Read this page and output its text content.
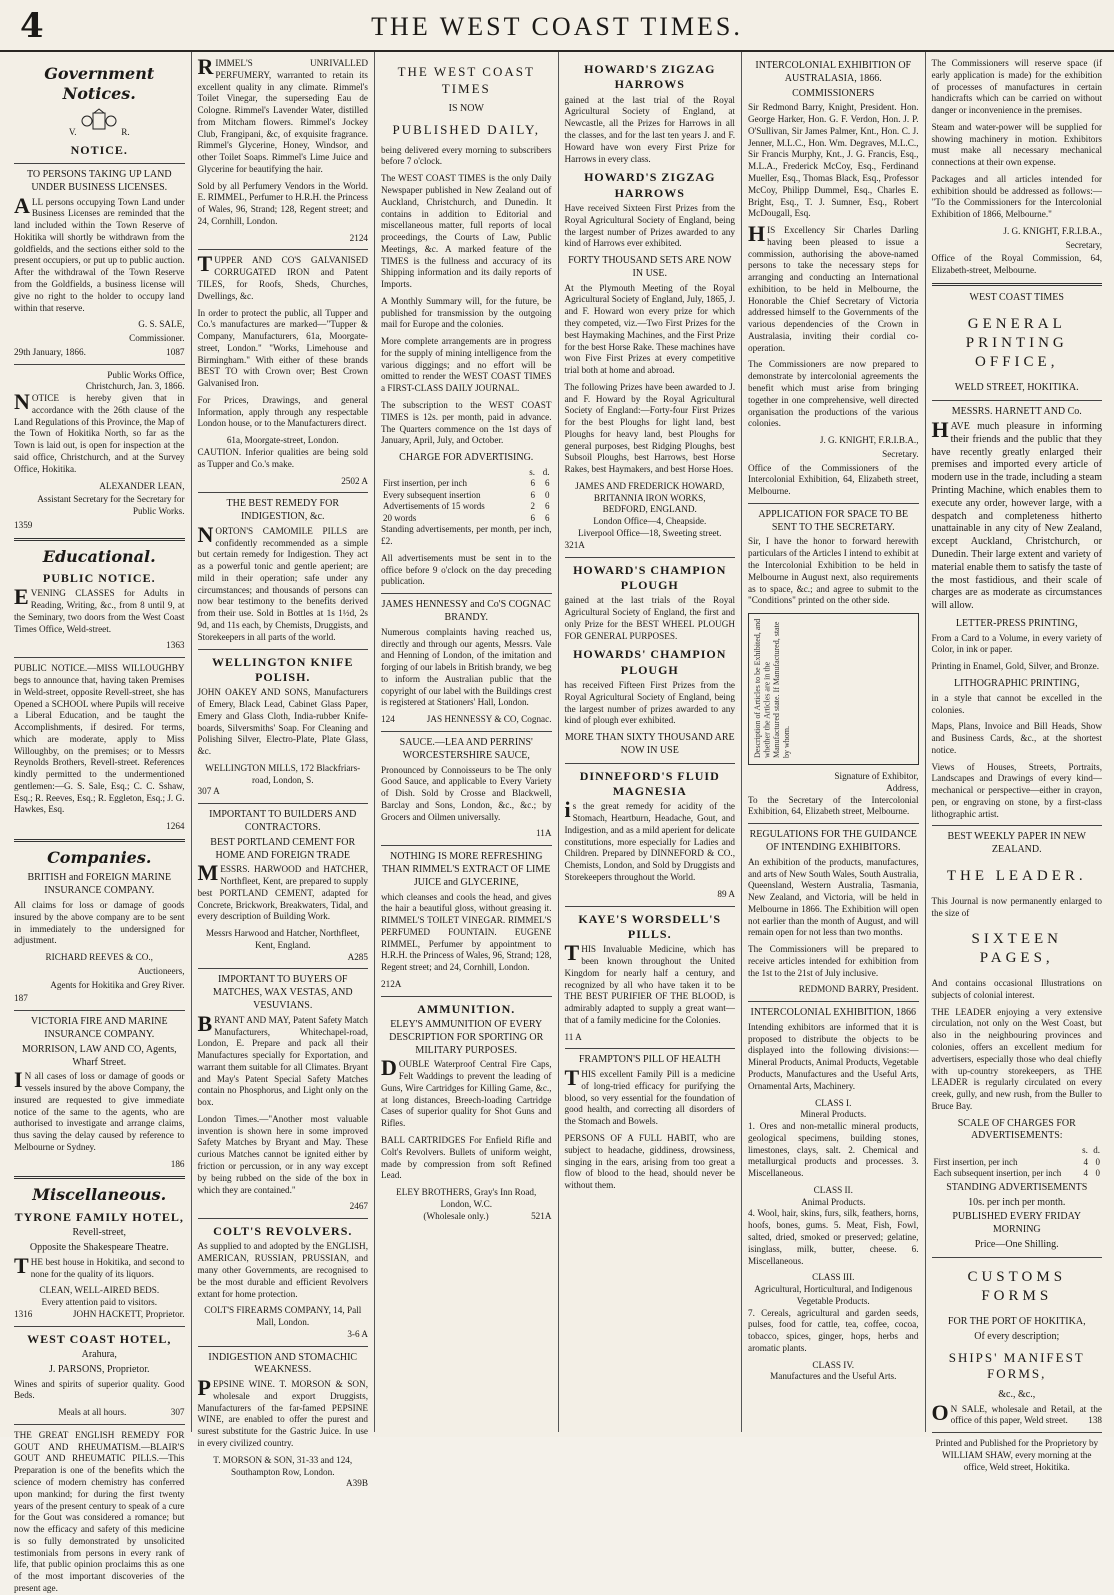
4	THE WEST COAST TIMES.
Government Notices.
V.	R.
NOTICE.
TO PERSONS TAKING UP LAND UNDER BUSINESS LICENSES.

ALL persons occupying Town Land under Business Licenses are reminded that the land included within the Town Reserve of Hokitika will shortly be withdrawn from the goldfields, and the sections either sold to the present occupiers, or put up to public auction. After the withdrawal of the Town Reserve from the Goldfields, a business license will give no right to the holder to occupy land within that reserve.

G. S. SALE,
Commissioner.
29th January, 1866.	1087
Public Works Office,
Christchurch, Jan. 3, 1866.

NOTICE is hereby given that in accordance with the 26th clause of the Land Regulations of this Province, the Map of the Town of Hokitika North, so far as the Town is laid out, is open for inspection at the said office, Christchurch, and at the Survey Office, Hokitika.

ALEXANDER LEAN,
Assistant Secretary for the Secretary for Public Works.
1359
Educational.
PUBLIC NOTICE.

EVENING CLASSES for Adults in Reading, Writing, &c., from 8 until 9, at the Seminary, two doors from the West Coast Times Office, Weld-street.

1363

PUBLIC NOTICE.—MISS WILLOUGHBY begs to announce that, having taken Premises in Weld-street, opposite Revell-street, she has Opened a SCHOOL where Pupils will receive a Liberal Education, and be taught the Accomplishments, if desired. For terms, which are moderate, apply to Miss Willoughby, on the premises; or to Messrs Reynolds Brothers, Revell-street. References kindly permitted to the undermentioned gentlemen:—G. S. Sale, Esq.; C. C. Sshaw, Esq.; R. Reeves, Esq.; R. Eggleton, Esq.; J. G. Hawkes, Esq.

1264
Companies.
BRITISH and FOREIGN MARINE INSURANCE COMPANY.

All claims for loss or damage of goods insured by the above company are to be sent in immediately to the undersigned for adjustment.

RICHARD REEVES & CO.,
Auctioneers,
Agents for Hokitika and Grey River.
187
VICTORIA FIRE AND MARINE INSURANCE COMPANY.
MORRISON, LAW AND CO, Agents, Wharf Street.

IN all cases of loss or damage of goods or vessels insured by the above Company, the insured are requested to give immediate notice of the same to the agents, who are authorised to investigate and arrange claims, thus saving the delay caused by reference to Melbourne or Sydney.

186
Miscellaneous.
TYRONE FAMILY HOTEL,
Revell-street,
Opposite the Shakespeare Theatre.

THE best house in Hokitika, and second to none for the quality of its liquors.

CLEAN, WELL-AIRED BEDS.
Every attention paid to visitors.
1316	JOHN HACKETT, Proprietor.
WEST COAST HOTEL,
Arahura,
J. PARSONS, Proprietor.

Wines and spirits of superior quality. Good Beds.

Meals at all hours.	307

THE GREAT ENGLISH REMEDY FOR GOUT AND RHEUMATISM.—BLAIR'S GOUT AND RHEUMATIC PILLS.—This Preparation is one of the benefits which the science of modern chemistry has conferred upon mankind; for during the first twenty years of the present century to speak of a cure for the Gout was considered a romance; but now the efficacy and safety of this medicine is so fully demonstrated by unsolicited testimonials from persons in every rank of life, that public opinion proclaims this as one of the most important discoveries of the present age.

RIMMEL'S UNRIVALLED PERFUMERY, warranted to retain its excellent quality in any climate. Rimmel's Toilet Vinegar, the superseding Eau de Cologne. Rimmel's Lavender Water, distilled from Mitcham flowers. Rimmel's Jockey Club, Frangipani, &c, of exquisite fragrance. Rimmel's Glycerine, Honey, Windsor, and other Toilet Soaps. Rimmel's Lime Juice and Glycerine for beautifying the hair.

Sold by all Perfumery Vendors in the World. E. RIMMEL, Perfumer to H.R.H. the Princess of Wales, 96, Strand; 128, Regent street; and 24, Cornhill, London.

2124

TUPPER AND CO'S GALVANISED CORRUGATED IRON and Patent TILES, for Roofs, Sheds, Churches, Dwellings, &c.

In order to protect the public, all Tupper and Co.'s manufactures are marked—"Tupper & Company, Manufacturers, 61a, Moorgate-street, London." "Works, Limehouse and Birmingham." With either of these brands BEST TO with Crown over; Best Crown Galvanised Iron.

For Prices, Drawings, and general Information, apply through any respectable London house, or to the Manufacturers direct.

61a, Moorgate-street, London.

CAUTION. Inferior qualities are being sold as Tupper and Co.'s make.

2502 A
THE BEST REMEDY FOR INDIGESTION, &c.

NORTON'S CAMOMILE PILLS are confidently recommended as a simple but certain remedy for Indigestion. They act as a powerful tonic and gentle aperient; are mild in their operation; safe under any circumstances; and thousands of persons can now bear testimony to the benefits derived from their use. Sold in Bottles at 1s 1½d, 2s 9d, and 11s each, by Chemists, Druggists, and Storekeepers in all parts of the world.

WELLINGTON KNIFE POLISH.

JOHN OAKEY AND SONS, Manufacturers of Emery, Black Lead, Cabinet Glass Paper, Emery and Glass Cloth, India-rubber Knife-boards, Silversmiths' Soap. For Cleaning and Polishing Silver, Electro-Plate, Plate Glass, &c.

WELLINGTON MILLS, 172 Blackfriars-road, London, S.
307 A
IMPORTANT TO BUILDERS AND CONTRACTORS.
BEST PORTLAND CEMENT FOR HOME AND FOREIGN TRADE

MESSRS. HARWOOD and HATCHER, Northfleet, Kent, are prepared to supply best PORTLAND CEMENT, adapted for Concrete, Brickwork, Breakwaters, Tidal, and every description of Building Work.

Messrs Harwood and Hatcher, Northfleet, Kent, England.
A285
IMPORTANT TO BUYERS OF MATCHES, WAX VESTAS, AND VESUVIANS.

BRYANT AND MAY, Patent Safety Match Manufacturers, Whitechapel-road, London, E. Prepare and pack all their Manufactures specially for Exportation, and warrant them suitable for all Climates. Bryant and May's Patent Special Safety Matches contain no Phosphorus, and Light only on the box.

London Times.—"Another most valuable invention is shown here in some improved Safety Matches by Bryant and May. These curious Matches cannot be ignited either by friction or percussion, or in any way except by being rubbed on the side of the box in which they are contained."

2467
COLT'S REVOLVERS.

As supplied to and adopted by the ENGLISH, AMERICAN, RUSSIAN, PRUSSIAN, and many other Governments, are recognised to be the most durable and efficient Revolvers extant for home protection.

COLT'S FIREARMS COMPANY, 14, Pall Mall, London.
3-6 A
INDIGESTION AND STOMACHIC WEAKNESS.

PEPSINE WINE. T. MORSON & SON, wholesale and export Druggists, Manufacturers of the far-famed PEPSINE WINE, are enabled to offer the purest and surest substitute for the Gastric Juice. In use in every civilized country.

T. MORSON & SON, 31-33 and 124, Southampton Row, London.
A39B
THE WEST COAST TIMES
IS NOW
PUBLISHED DAILY,

being delivered every morning to subscribers before 7 o'clock.

The WEST COAST TIMES is the only Daily Newspaper published in New Zealand out of Auckland, Christchurch, and Dunedin. It contains in addition to Editorial and miscellaneous matter, full reports of local proceedings, the Courts of Law, Public Meetings, &c. A marked feature of the TIMES is the fullness and accuracy of its Shipping information and its daily reports of Imports.

A Monthly Summary will, for the future, be published for transmission by the outgoing mail for Europe and the colonies.

More complete arrangements are in progress for the supply of mining intelligence from the various diggings; and no effort will be omitted to render the WEST COAST TIMES a FIRST-CLASS DAILY JOURNAL.

The subscription to the WEST COAST TIMES is 12s. per month, paid in advance. The Quarters commence on the 1st days of January, April, July, and October.

CHARGE FOR ADVERTISING.
	s.	d.
First insertion, per inch	6	6
Every subsequent insertion	6	0
Advertisements of 15 words	2	6
20 words	6	6

Standing advertisements, per month, per inch, £2.

All advertisements must be sent in to the office before 9 o'clock on the day preceding publication.

JAMES HENNESSY and Co'S COGNAC BRANDY.

Numerous complaints having reached us, directly and through our agents, Messrs. Vale and Henning of London, of the imitation and forging of our labels in British brandy, we beg to inform the Australian public that the copyright of our label with the Buildings crest is registered at Stationers' Hall, London.

124	JAS HENNESSY & CO, Cognac.
SAUCE.—LEA AND PERRINS' WORCESTERSHIRE SAUCE,

Pronounced by Connoisseurs to be The only Good Sauce, and applicable to Every Variety of Dish. Sold by Crosse and Blackwell, Barclay and Sons, London, &c., &c.; by Grocers and Oilmen universally.

11A
NOTHING IS MORE REFRESHING THAN RIMMEL'S EXTRACT OF LIME JUICE and GLYCERINE,

which cleanses and cools the head, and gives the hair a beautiful gloss, without greasing it. RIMMEL'S TOILET VINEGAR. RIMMEL'S PERFUMED FOUNTAIN. EUGENE RIMMEL, Perfumer by appointment to H.R.H. the Princess of Wales, 96, Strand; 128, Regent street; and 24, Cornhill, London.

212A
AMMUNITION.
ELEY'S AMMUNITION OF EVERY DESCRIPTION FOR SPORTING OR MILITARY PURPOSES.

DOUBLE Waterproof Central Fire Caps, Felt Waddings to prevent the leading of Guns, Wire Cartridges for Killing Game, &c., at long distances, Breech-loading Cartridge Cases of superior quality for Shot Guns and Rifles.

BALL CARTRIDGES For Enfield Rifle and Colt's Revolvers. Bullets of uniform weight, made by compression from soft Refined Lead.

ELEY BROTHERS, Gray's Inn Road, London, W.C.
(Wholesale only.)	521A
HOWARD'S ZIGZAG HARROWS

gained at the last trial of the Royal Agricultural Society of England, at Newcastle, all the Prizes for Harrows in all the classes, and for the last ten years J. and F. Howard have won every First Prize for Harrows in every class.

HOWARD'S ZIGZAG HARROWS

Have received Sixteen First Prizes from the Royal Agricultural Society of England, being the largest number of Prizes awarded to any kind of Harrows ever exhibited.

FORTY THOUSAND SETS ARE NOW IN USE.

At the Plymouth Meeting of the Royal Agricultural Society of England, July, 1865, J. and F. Howard won every prize for which they competed, viz.—Two First Prizes for the best Haymaking Machines, and the First Prize for the best Horse Rake. These machines have won Five First Prizes at every competitive trial both at home and abroad.

The following Prizes have been awarded to J. and F. Howard by the Royal Agricultural Society of England:—Forty-four First Prizes for the best Ploughs for light land, best Ploughs for heavy land, best Ploughs for general purposes, best Ridging Ploughs, best Subsoil Ploughs, best Harrows, best Horse Rakes, best Haymakers, and best Horse Hoes.

JAMES AND FREDERICK HOWARD,
BRITANNIA IRON WORKS,
BEDFORD, ENGLAND.
London Office—4, Cheapside.
Liverpool Office—18, Sweeting street.
321A
HOWARD'S CHAMPION PLOUGH

gained at the last trials of the Royal Agricultural Society of England, the first and only Prize for the BEST WHEEL PLOUGH FOR GENERAL PURPOSES.

HOWARDS' CHAMPION PLOUGH

has received Fifteen First Prizes from the Royal Agricultural Society of England, being the largest number of prizes awarded to any kind of plough ever exhibited.

MORE THAN SIXTY THOUSAND ARE NOW IN USE
DINNEFORD'S FLUID MAGNESIA

is the great remedy for acidity of the Stomach, Heartburn, Headache, Gout, and Indigestion, and as a mild aperient for delicate constitutions, more especially for Ladies and Children. Prepared by DINNEFORD & CO., Chemists, London, and Sold by Druggists and Storekeepers throughout the World.

89 A
KAYE'S WORSDELL'S PILLS.

THIS Invaluable Medicine, which has been known throughout the United Kingdom for nearly half a century, and recognized by all who have taken it to be THE BEST PURIFIER OF THE BLOOD, is admirably adapted to supply a great want—that of a family medicine for the Colonies.

11 A
FRAMPTON'S PILL OF HEALTH

THIS excellent Family Pill is a medicine of long-tried efficacy for purifying the blood, so very essential for the foundation of good health, and correcting all disorders of the Stomach and Bowels.

PERSONS OF A FULL HABIT, who are subject to headache, giddiness, drowsiness, singing in the ears, arising from too great a flow of blood to the head, should never be without them.

INTERCOLONIAL EXHIBITION OF AUSTRALASIA, 1866.
COMMISSIONERS

Sir Redmond Barry, Knight, President. Hon. George Harker, Hon. G. F. Verdon, Hon. J. P. O'Sullivan, Sir James Palmer, Knt., Hon. C. J. Jenner, M.L.C., Hon. Wm. Degraves, M.L.C., Sir Francis Murphy, Knt., J. G. Francis, Esq., M.L.A., Frederick McCoy, Esq., Ferdinand Mueller, Esq., Thomas Black, Esq., Professor McCoy, Philipp Dummel, Esq., Charles E. Bright, Esq., T. J. Sumner, Esq., Robert McDougall, Esq.

HIS Excellency Sir Charles Darling having been pleased to issue a commission, authorising the above-named persons to take the necessary steps for arranging and conducting an International exhibition, to be held in Melbourne, the Honorable the Chief Secretary of Victoria addressed himself to the Governments of the various dependencies of the Crown in Australasia, inviting their cordial co-operation.

The Commissioners are now prepared to demonstrate by intercolonial agreements the benefit which must arise from bringing together in one comprehensive, well directed organisation the productions of the various colonies.

J. G. KNIGHT, F.R.I.B.A.,
Secretary.

Office of the Commissioners of the Intercolonial Exhibition, 64, Elizabeth street, Melbourne.

APPLICATION FOR SPACE TO BE SENT TO THE SECRETARY.

Sir, I have the honor to forward herewith particulars of the Articles I intend to exhibit at the Intercolonial Exhibition to be held in Melbourne in August next, also requirements as to space, &c.; and agree to submit to the "Conditions" printed on the other side.

Description of Articles to be Exhibited, and whether the Articles are in the Manufactured state. If Manufactured, state by whom.
Signature of Exhibitor,
Address,

To the Secretary of the Intercolonial Exhibition, 64, Elizabeth street, Melbourne.

REGULATIONS FOR THE GUIDANCE OF INTENDING EXHIBITORS.

An exhibition of the products, manufactures, and arts of New South Wales, South Australia, Queensland, Western Australia, Tasmania, New Zealand, and Victoria, will be held in Melbourne in 1866. The Exhibition will open not earlier than the month of August, and will remain open for not less than two months.

The Commissioners will be prepared to receive articles intended for exhibition from the 1st to the 21st of July inclusive.

REDMOND BARRY, President.
INTERCOLONIAL EXHIBITION, 1866

Intending exhibitors are informed that it is proposed to distribute the objects to be displayed into the following divisions:— Mineral Products, Animal Products, Vegetable Products, Manufactures and the Useful Arts, Ornamental Arts, Machinery.

CLASS I.
Mineral Products.

1. Ores and non-metallic mineral products, geological specimens, building stones, limestones, clays, salt. 2. Chemical and metallurgical products and processes. 3. Miscellaneous.

CLASS II.
Animal Products.

4. Wool, hair, skins, furs, silk, feathers, horns, hoofs, bones, gums. 5. Meat, Fish, Fowl, salted, dried, smoked or preserved; gelatine, isinglass, milk, butter, cheese. 6. Miscellaneous.

CLASS III.
Agricultural, Horticultural, and Indigenous Vegetable Products.

7. Cereals, agricultural and garden seeds, pulses, food for cattle, tea, coffee, cocoa, tobacco, spices, ginger, hops, herbs and aromatic plants.

CLASS IV.
Manufactures and the Useful Arts.

The Commissioners will reserve space (if early application is made) for the exhibition of processes of manufactures in certain handicrafts which can be carried on without danger or inconvenience in the premises.

Steam and water-power will be supplied for showing machinery in motion. Exhibitors must make all necessary mechanical connections at their own expense.

Packages and all articles intended for exhibition should be addressed as follows:— "To the Commissioners for the Intercolonial Exhibition of 1866, Melbourne."

J. G. KNIGHT, F.R.I.B.A.,
Secretary,

Office of the Royal Commission, 64, Elizabeth-street, Melbourne.

WEST COAST TIMES
GENERAL PRINTING OFFICE,
WELD STREET, HOKITIKA.
MESSRS. HARNETT AND Co.

HAVE much pleasure in informing their friends and the public that they have recently greatly enlarged their premises and imported every article of modern use in the trade, including a steam Printing Machine, which enables them to execute any order, however large, with a despatch and completeness hitherto unattainable in any city of New Zealand, except Auckland, Christchurch, or Dunedin. Their large extent and variety of material enable them to satisfy the taste of the most fastidious, and their scale of charges are as moderate as circumstances will allow.

LETTER-PRESS PRINTING,

From a Card to a Volume, in every variety of Color, in ink or paper.

Printing in Enamel, Gold, Silver, and Bronze.

LITHOGRAPHIC PRINTING,

in a style that cannot be excelled in the colonies.

Maps, Plans, Invoice and Bill Heads, Show and Business Cards, &c., at the shortest notice.

Views of Houses, Streets, Portraits, Landscapes and Drawings of every kind—mechanical or perspective—either in crayon, pen, or engraving on stone, by a first-class lithographic artist.

BEST WEEKLY PAPER IN NEW ZEALAND.
THE LEADER.

This Journal is now permanently enlarged to the size of

SIXTEEN PAGES,

And contains occasional Illustrations on subjects of colonial interest.

THE LEADER enjoying a very extensive circulation, not only on the West Coast, but also in the neighbouring provinces and colonies, offers an excellent medium for advertisers, especially those who deal chiefly with up-country storekeepers, as THE LEADER is regularly circulated on every creek, gully, and new rush, from the Buller to Bruce Bay.

SCALE OF CHARGES FOR ADVERTISEMENTS:
	s.	d.
First insertion, per inch	4	0
Each subsequent insertion, per inch	4	0
STANDING ADVERTISEMENTS
10s. per inch per month.
PUBLISHED EVERY FRIDAY MORNING
Price—One Shilling.
CUSTOMS FORMS
FOR THE PORT OF HOKITIKA,
Of every description;
SHIPS' MANIFEST FORMS,
&c., &c.,

ON SALE, wholesale and Retail, at the office of this paper, Weld street. 138

Printed and Published for the Proprietory by WILLIAM SHAW, every morning at the office, Weld street, Hokitika.
